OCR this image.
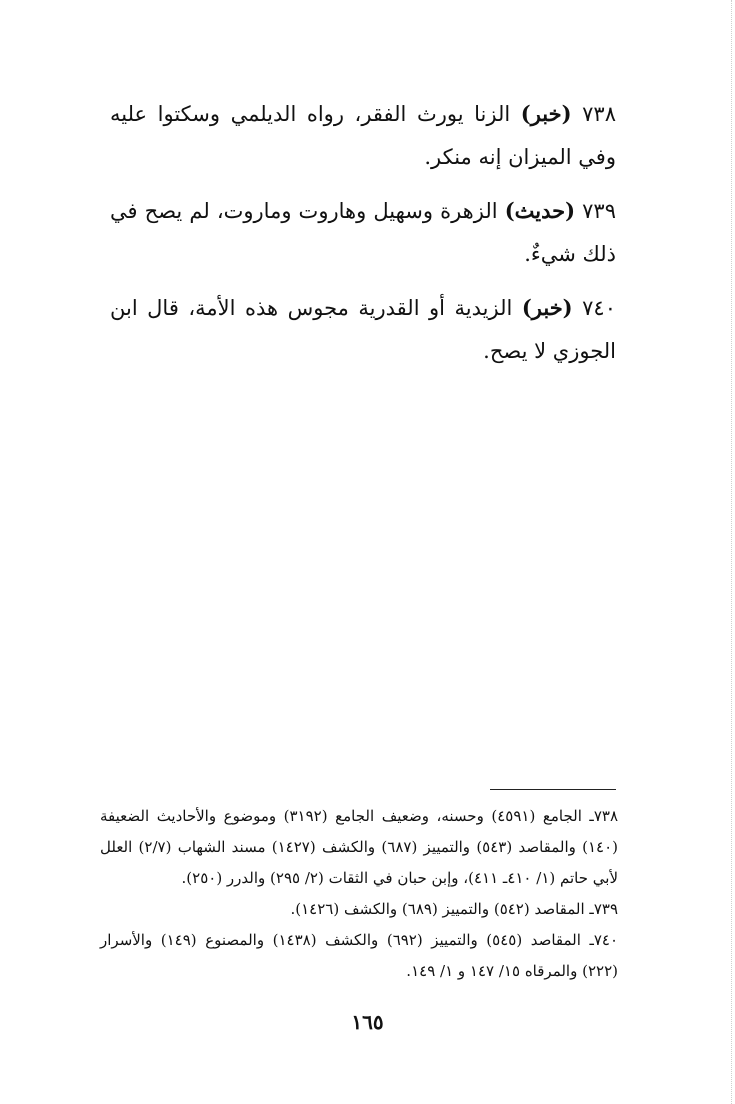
٧٣٨ (خبر) الزنا يورث الفقر، رواه الديلمي وسكتوا عليه وفي الميزان إنه منكر.

٧٣٩ (حديث) الزهرة وسهيل وهاروت وماروت، لم يصح في ذلك شيءٌ.

٧٤٠ (خبر) الزيدية أو القدرية مجوس هذه الأمة، قال ابن الجوزي لا يصح.

٧٣٨ـ الجامع (٤٥٩١) وحسنه، وضعيف الجامع (٣١٩٢) وموضوع والأحاديث الضعيفة (١٤٠) والمقاصد (٥٤٣) والتمييز (٦٨٧) والكشف (١٤٢٧) مسند الشهاب (٢/٧) العلل لأبي حاتم (١/ ٤١٠ـ ٤١١)، وإبن حبان في الثقات (٢/ ٢٩٥) والدرر (٢٥٠).

٧٣٩ـ المقاصد (٥٤٢) والتمييز (٦٨٩) والكشف (١٤٢٦).

٧٤٠ـ المقاصد (٥٤٥) والتمييز (٦٩٢) والكشف (١٤٣٨) والمصنوع (١٤٩) والأسرار (٢٢٢) والمرقاه ١٥/ ١٤٧ و ١/ ١٤٩.

١٦٥
